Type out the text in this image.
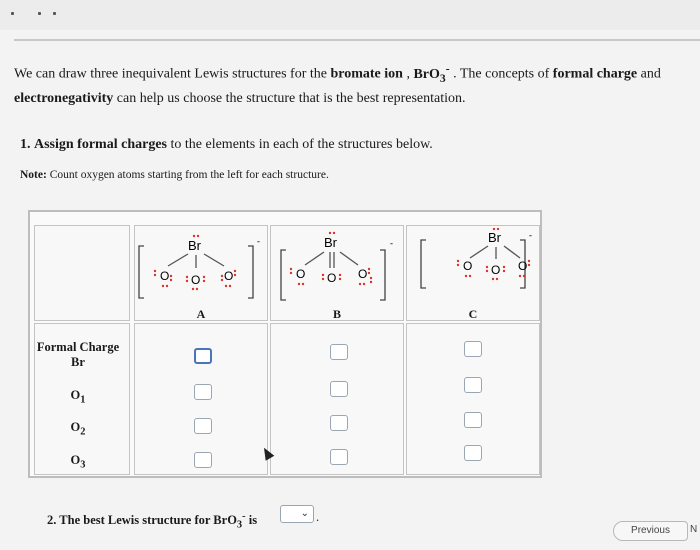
We can draw three inequivalent Lewis structures for the bromate ion , BrO$_3$- . The concepts of formal charge and electronegativity can help us choose the structure that is the best representation.
1. Assign formal charges to the elements in each of the structures below.
Note: Count oxygen atoms starting from the left for each structure.
-
Br
O O O
A
-
Br
O O O
B
-
Br
O O O
C
Formal Charge
Br
$O_1$
$O_2$
$O_3$
2. The best Lewis structure for BrO$_3$- is	⌄ .
Previous	N
